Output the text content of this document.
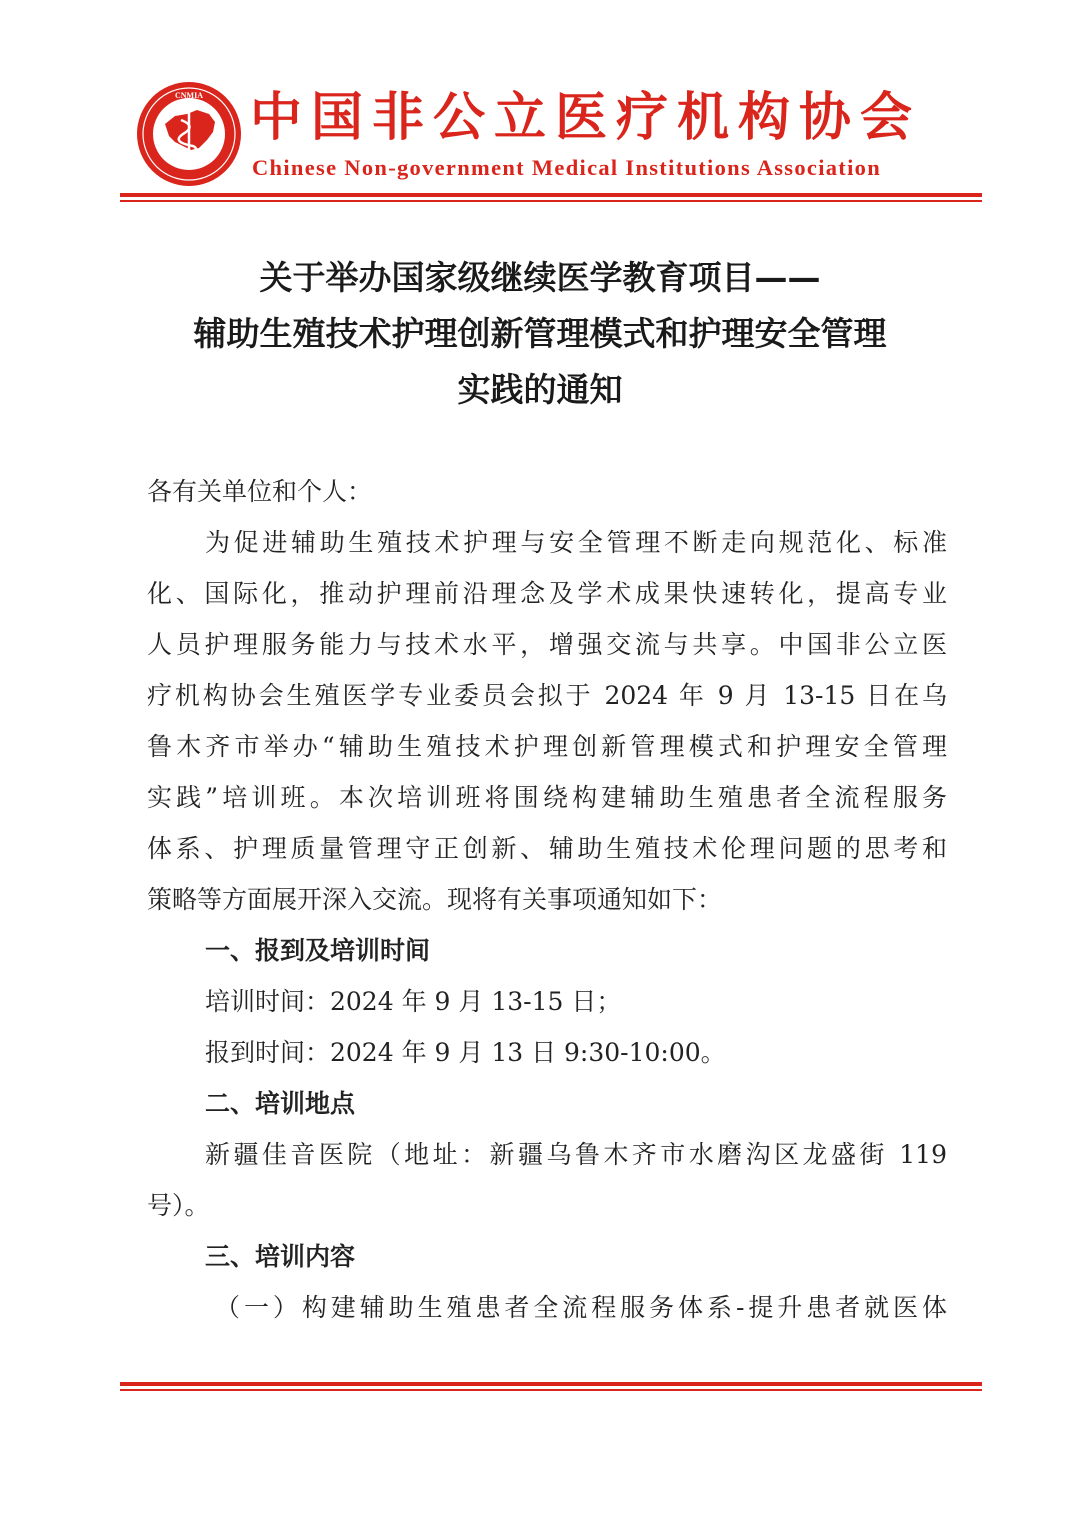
CNMIA 中国非公立医疗机构协会
Chinese Non-government Medical Institutions Association
关于举办国家级继续医学教育项目——
辅助生殖技术护理创新管理模式和护理安全管理
实践的通知
各有关单位和个人：
为促进辅助生殖技术护理与安全管理不断走向规范化、标准
化、国际化，推动护理前沿理念及学术成果快速转化，提高专业
人员护理服务能力与技术水平，增强交流与共享。中国非公立医
疗机构协会生殖医学专业委员会拟于 2024 年 9 月 13-15 日在乌
鲁木齐市举办“辅助生殖技术护理创新管理模式和护理安全管理
实践”培训班。本次培训班将围绕构建辅助生殖患者全流程服务
体系、护理质量管理守正创新、辅助生殖技术伦理问题的思考和
策略等方面展开深入交流。现将有关事项通知如下：
一、报到及培训时间
培训时间：2024 年 9 月 13-15 日；
报到时间：2024 年 9 月 13 日 9:30-10:00。
二、培训地点
新疆佳音医院（地址：新疆乌鲁木齐市水磨沟区龙盛街 119
号）。
三、培训内容
（一）构建辅助生殖患者全流程服务体系-提升患者就医体
